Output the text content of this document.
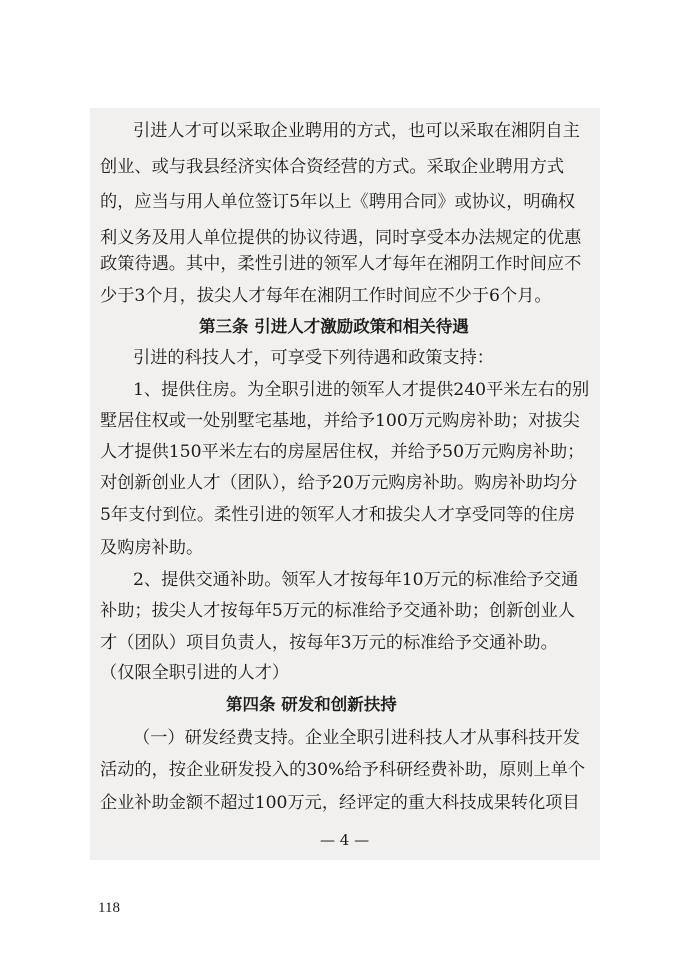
引进人才可以采取企业聘用的方式，也可以采取在湘阴自主
创业、或与我县经济实体合资经营的方式。采取企业聘用方式
的，应当与用人单位签订5年以上《聘用合同》或协议，明确权
利义务及用人单位提供的协议待遇，同时享受本办法规定的优惠
政策待遇。其中，柔性引进的领军人才每年在湘阴工作时间应不
少于3个月，拔尖人才每年在湘阴工作时间应不少于6个月。
第三条 引进人才激励政策和相关待遇
引进的科技人才，可享受下列待遇和政策支持：
1、提供住房。为全职引进的领军人才提供240平米左右的别
墅居住权或一处别墅宅基地，并给予100万元购房补助；对拔尖
人才提供150平米左右的房屋居住权，并给予50万元购房补助；
对创新创业人才（团队），给予20万元购房补助。购房补助均分
5年支付到位。柔性引进的领军人才和拔尖人才享受同等的住房
及购房补助。
2、提供交通补助。领军人才按每年10万元的标准给予交通
补助；拔尖人才按每年5万元的标准给予交通补助；创新创业人
才（团队）项目负责人，按每年3万元的标准给予交通补助。
（仅限全职引进的人才）
第四条 研发和创新扶持
（一）研发经费支持。企业全职引进科技人才从事科技开发
活动的，按企业研发投入的30%给予科研经费补助，原则上单个
企业补助金额不超过100万元，经评定的重大科技成果转化项目
— 4 —
118
